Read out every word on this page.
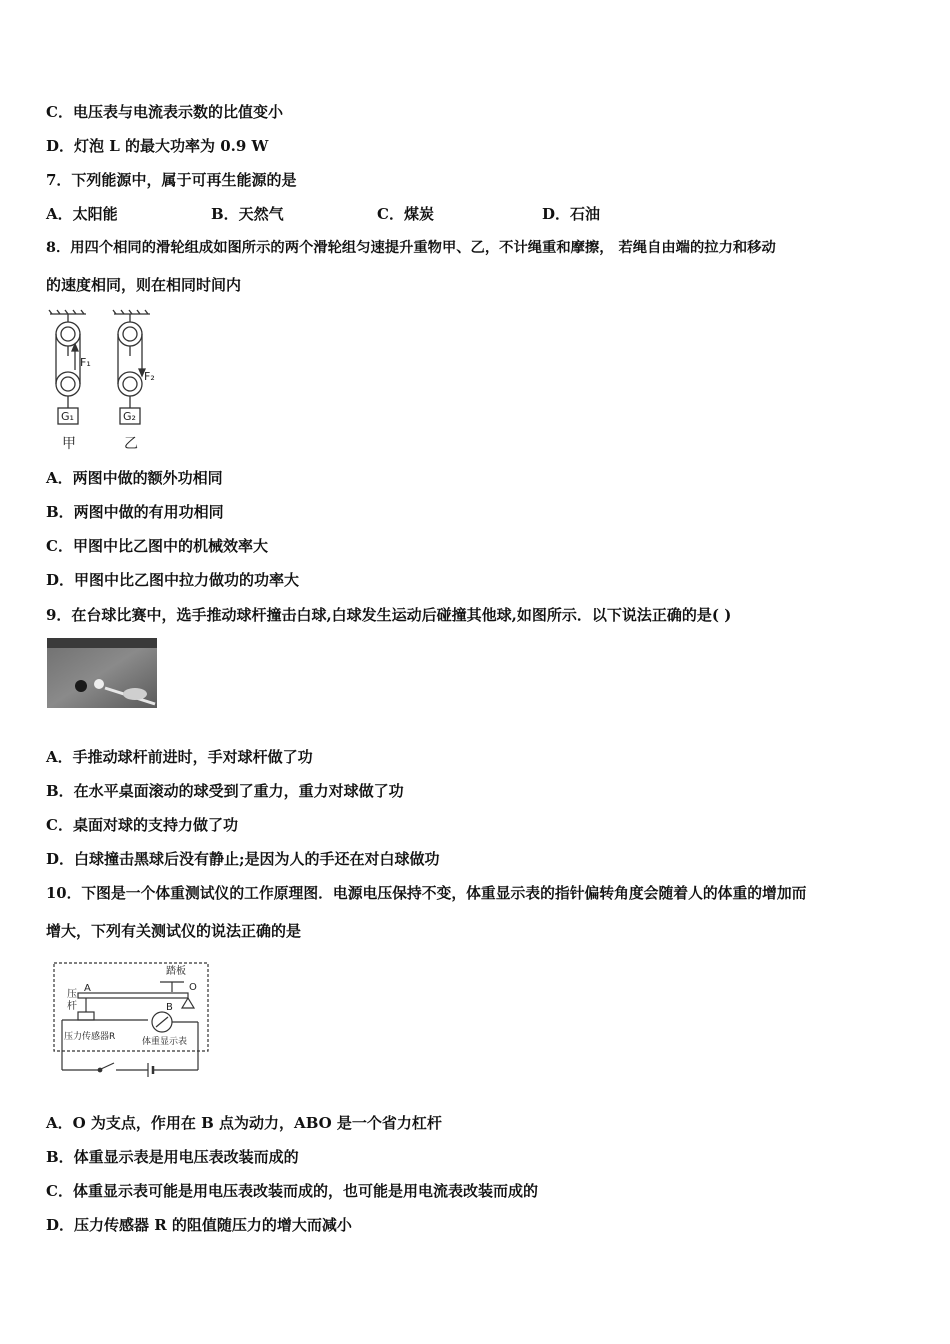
C．电压表与电流表示数的比值变小
D．灯泡 L 的最大功率为 0.9 W
7．下列能源中，属于可再生能源的是
A．太阳能	B．天然气	C．煤炭	D．石油
8．用四个相同的滑轮组成如图所示的两个滑轮组匀速提升重物甲、乙，不计绳重和摩擦， 若绳自由端的拉力和移动
的速度相同，则在相同时间内
F₁
F₂
G₁	G₂
甲	乙
A．两图中做的额外功相同
B．两图中做的有用功相同
C．甲图中比乙图中的机械效率大
D．甲图中比乙图中拉力做功的功率大
9．在台球比赛中，选手推动球杆撞击白球,白球发生运动后碰撞其他球,如图所示．以下说法正确的是( )
A．手推动球杆前进时，手对球杆做了功
B．在水平桌面滚动的球受到了重力，重力对球做了功
C．桌面对球的支持力做了功
D．白球撞击黑球后没有静止;是因为人的手还在对白球做功
10．下图是一个体重测试仪的工作原理图．电源电压保持不变，体重显示表的指针偏转角度会随着人的体重的增加而
增大，下列有关测试仪的说法正确的是
踏板
O
A
B
压
杆
压力传感器R	体重显示表
A．O 为支点，作用在 B 点为动力，ABO 是一个省力杠杆
B．体重显示表是用电压表改装而成的
C．体重显示表可能是用电压表改装而成的，也可能是用电流表改装而成的
D．压力传感器 R 的阻值随压力的增大而减小
